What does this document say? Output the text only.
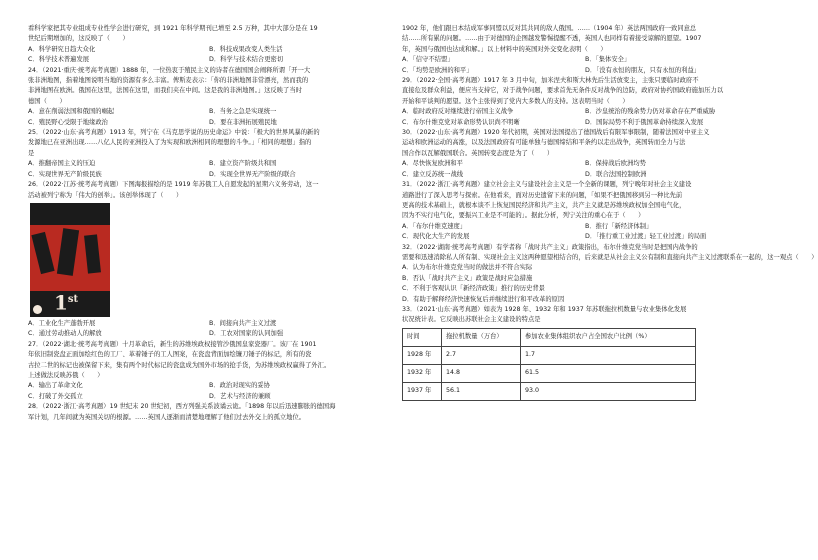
看科学家把其专业组成专业性学会进行研究，到 1921 年科学期刊已增至 2.5 万种，其中大部分是在 19

世纪后期增加的，这反映了（　　）

A．科学研究日趋大众化	B．科技成果改变人类生活
C．科学技术普遍发展	D．科学与技术结合更密切

24．（2021·重庆·统考高考真题）1888 年，一位热衷于殖民主义的诗者在德国国会阐释所谓「开一大

张非洲地图，指着地图说明当地的资源有多么丰富。俾斯麦表示：「你的非洲地图非常漂亮，然而我的

非洲地图在欧洲。俄国在这里，法国在这里，而我们夹在中间。这是我的非洲地图。」这反映了当时

德国（　　）

A．意在削弱法国和俄国的崛起	B．当务之急是实现统一
C．殖民野心受限于地缘政治	D．要在非洲拓展殖民地

25．（2022·山东·高考真题）1913 年，列宁在《马克思学说的历史命运》中说：「极大的世界风暴的新的

发源地已在亚洲出现……八亿人民的亚洲投入了为实现和欧洲相同的理想的斗争。」「相同的理想」指的

是

A．推翻帝国主义的压迫	B．建立资产阶级共和国
C．实现世界无产阶级民族	D．实现全世界无产阶级的联合

26．（2022·江苏·统考高考真题）下图海报描绘的是 1919 年苏俄工人自愿发起的星期六义务劳动，这一

活动被列宁称为「伟大的创举」。该创举体现了（　　）

1st
A．工业化生产蓬勃开展	B．间接向共产主义过渡
C．通过劳动推动人的解放	D．工农对国家的认同加强

27．（2022·湖北·统考高考真题）十月革命后，新生的苏维埃政权接管沙俄国皇家瓷器厂。该厂在 1901

年依旧制瓷盘正面加绘红色的工厂、革着锤子的工人图案，在瓷盘背面加绘镰刀锤子的标记，所有的瓷

古拉二世的标记也被保留下来，集有两个时代标记的瓷盘成为国外市场的抢手货，为苏维埃政权赢得了外汇。

上述做法反映苏俄（　　）

A．输出了革命文化	B．政治对现实的妥协
C．打破了外交孤立	D．艺术与经济的兼顾

28．（2022·浙江·高考真题）19 世纪末 20 世纪初，西方列强关系波谲云诡。「1898 年以后迅速膨胀的德国海

军计划，几年间就为英国关切的根源。……英国人逐渐而清楚地理解了他们过去外交上的孤立地位。

1902 年，他们跟日本结成军事同盟以反对其共同的敌人俄国。……（1904 年）英法两国政府一致同意总

结……所有累的问题。……由于对德国的企图越发警惕提醒不透，英国人也同样有着接受谅解的愿望。1907

年，英国与俄国也达成和解。」以上材料中的英国对外交变化表明（　　）

A．「信守不结盟」	B．「集体安全」
C．「均势是欧洲的和平」	D．「没有永恒的朋友，只有永恒的利益」

29．（2022·全国·高考真题）1917 年 3 月中旬，加米涅夫和斯大林先后生活放变主，主张只要临时政府不

直接危及群众利益，便应当支持它，对于战争问题，要求首先无条件反对战争的边防，政府对协约国政府施加压力以

开始和平谈判的愿望。这个主张得到了党内大多数人的支持。这表明当时（　　）

A．临时政府反对继续进行帝国主义战争	B．沙皇统治的残余势力仍对革命存在严重威胁
C．布尔什维克党对革命形势认识尚不明晰	D．国际局势不利于俄国革命持续深入发展

30．（2022·山东·高考真题）1920 年代初期，英国对法国提出了德国战后有限军事限制，随着法国对中亚主义

运动和欧洲运动的高涨，以及法国政府有可能单独与德国缔结和平条约以走出战争，英国转而全力与法

国合作以瓦解俄国联合。英国转变态度是为了（　　）

A．尽快恢复欧洲和平	B．保持战后欧洲均势
C．建立反苏统一战线	D．联合法国控制欧洲

31．（2022·浙江·高考真题）建立社会主义与建设社会主义是一个全新的课题，列宁晚年对社会主义建设

道路进行了深入思考与探索。在他看来，面对历史遗留下来的问题，「如果不把俄国移到另一种比先前

更高的技术基础上，就根本谈不上恢复国民经济和共产主义，共产主义就是苏维埃政权加全国电气化，

因为不实行电气化，要振兴工业是不可能的」。据此分析，列宁关注的重心在于（　　）

A．「布尔什维克速度」	B．推行「新经济体制」
C．现代化大生产的发展	D．「推行重工业过渡」轻工业过渡」的局面

32．（2022·湖南·统考高考真题）有学者称「战时共产主义」政策指出，布尔什维克党当时是把国内战争的

需要和迅速消除私人所有制、实现社会主义这两种愿望相结合的，后来就是从社会主义公有制和直接向共产主义过渡联系在一起的，这一观点（　　）

A．认为布尔什维克党当时的做法并不符合实际

B．否认「战时共产主义」政策是战时应急措施

C．不利于客观认识「新经济政策」推行的历史背景

D．有助于解释经济快速恢复后并继续进行和平改革的原因

33．（2021·山东·高考真题）如表为 1928 年、1932 年和 1937 年苏联拖拉机数量与农业集体化发展

状况统计表。它反映出苏联社会主义建设的特点是

时间	拖拉机数量（万台）	参加农业集体组织农户占全国农户比例（%）
1928 年	2.7	1.7
1932 年	14.8	61.5
1937 年	56.1	93.0
